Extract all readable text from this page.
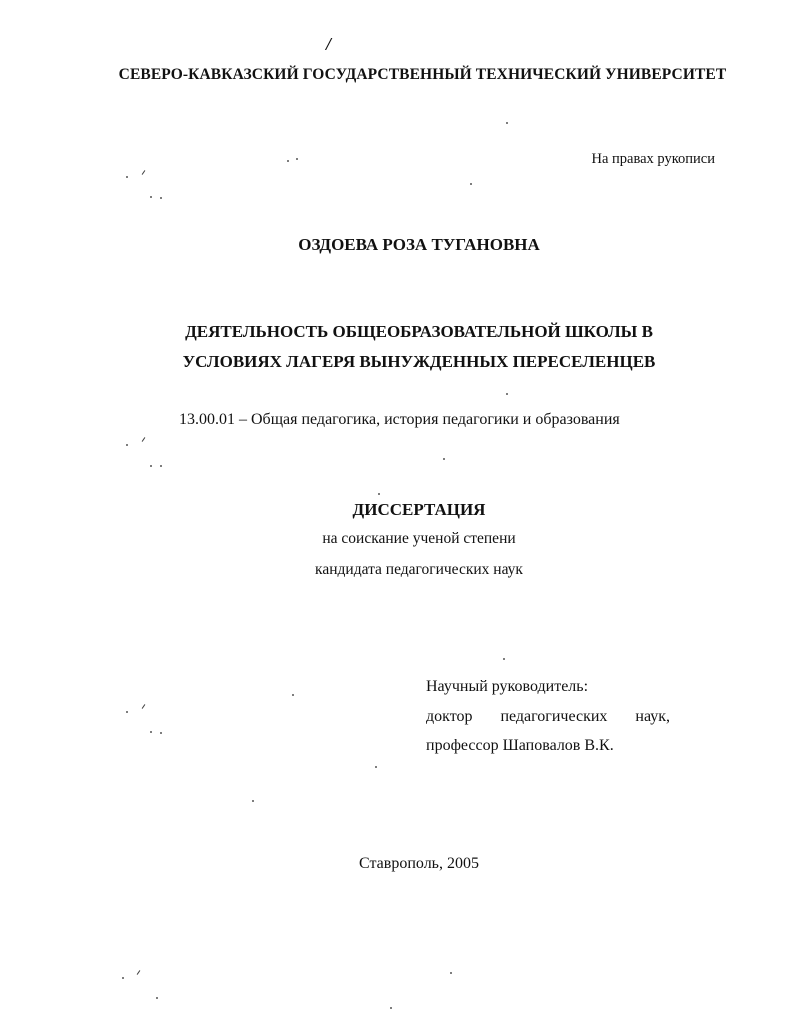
/
СЕВЕРО-КАВКАЗСКИЙ ГОСУДАРСТВЕННЫЙ ТЕХНИЧЕСКИЙ УНИВЕРСИТЕТ
На правах рукописи
ОЗДОЕВА РОЗА ТУГАНОВНА
ДЕЯТЕЛЬНОСТЬ ОБЩЕОБРАЗОВАТЕЛЬНОЙ ШКОЛЫ В
УСЛОВИЯХ ЛАГЕРЯ ВЫНУЖДЕННЫХ ПЕРЕСЕЛЕНЦЕВ
13.00.01 – Общая педагогика, история педагогики и образования
ДИССЕРТАЦИЯ
на соискание ученой степени
кандидата педагогических наук
Научный руководитель:
доктор педагогических наук,
профессор Шаповалов В.К.
Ставрополь, 2005
